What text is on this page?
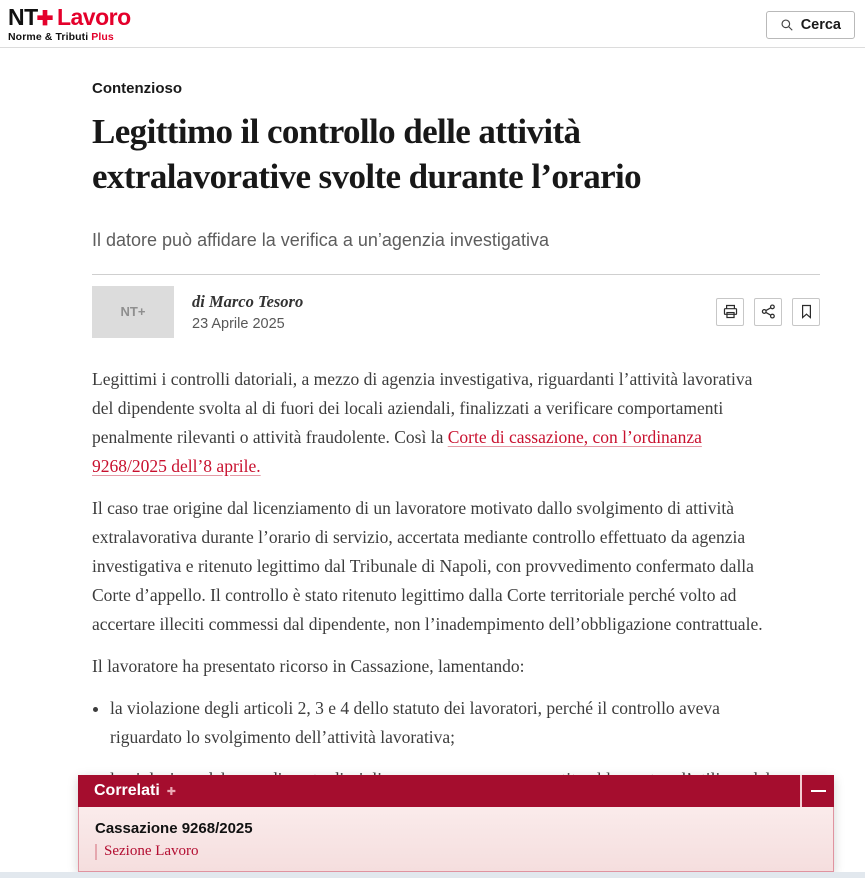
NT ✚ Lavoro
Norme & Tributi Plus
Cerca
Contenzioso
Legittimo il controllo delle attività extralavorative svolte durante l’orario
Il datore può affidare la verifica a un’agenzia investigativa
NT+
di Marco Tesoro
23 Aprile 2025

Legittimi i controlli datoriali, a mezzo di agenzia investigativa, riguardanti l’attività lavorativa del dipendente svolta al di fuori dei locali aziendali, finalizzati a verificare comportamenti penalmente rilevanti o attività fraudolente. Così la Corte di cassazione, con l’ordinanza 9268/2025 dell’8 aprile.

Il caso trae origine dal licenziamento di un lavoratore motivato dallo svolgimento di attività extralavorativa durante l’orario di servizio, accertata mediante controllo effettuato da agenzia investigativa e ritenuto legittimo dal Tribunale di Napoli, con provvedimento confermato dalla Corte d’appello. Il controllo è stato ritenuto legittimo dalla Corte territoriale perché volto ad accertare illeciti commessi dal dipendente, non l’inadempimento dell’obbligazione contrattuale.

Il lavoratore ha presentato ricorso in Cassazione, lamentando:

• la violazione degli articoli 2, 3 e 4 dello statuto dei lavoratori, perché il controllo aveva riguardato lo svolgimento dell’attività lavorativa;
•
Correlati ✚
Cassazione 9268/2025
Sezione Lavoro
